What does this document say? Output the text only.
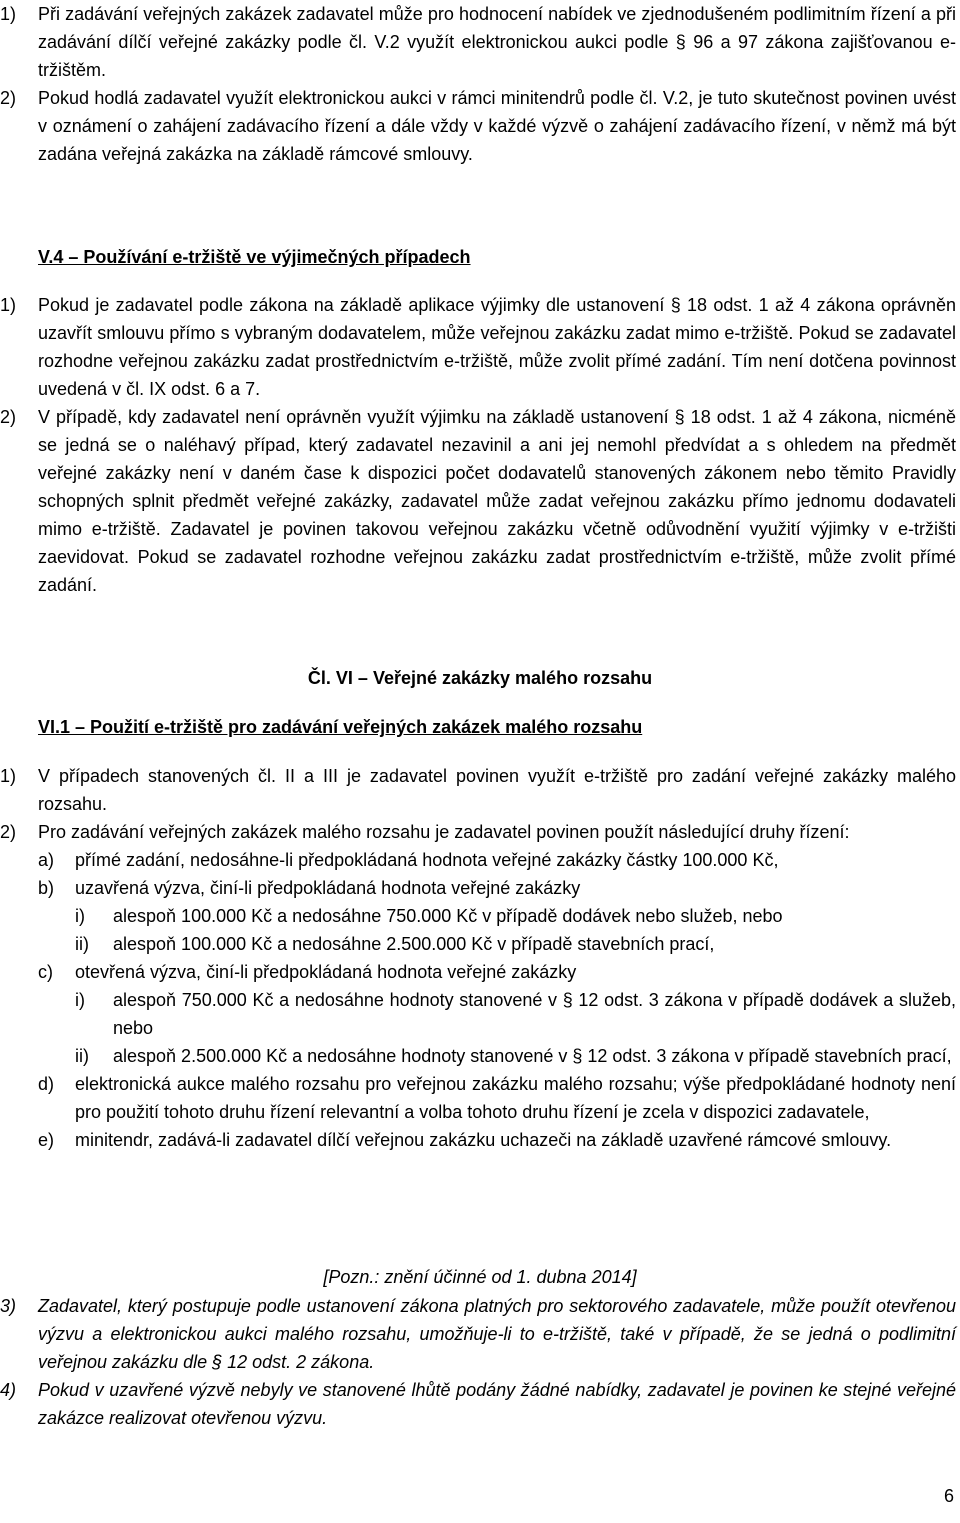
1) Při zadávání veřejných zakázek zadavatel může pro hodnocení nabídek ve zjednodušeném podlimitním řízení a při zadávání dílčí veřejné zakázky podle čl. V.2 využít elektronickou aukci podle § 96 a 97 zákona zajišťovanou e-tržištěm.
2) Pokud hodlá zadavatel využít elektronickou aukci v rámci minitendrů podle čl. V.2, je tuto skutečnost povinen uvést v oznámení o zahájení zadávacího řízení a dále vždy v každé výzvě o zahájení zadávacího řízení, v němž má být zadána veřejná zakázka na základě rámcové smlouvy.
V.4 – Používání e-tržiště ve výjimečných případech
1) Pokud je zadavatel podle zákona na základě aplikace výjimky dle ustanovení § 18 odst. 1 až 4 zákona oprávněn uzavřít smlouvu přímo s vybraným dodavatelem, může veřejnou zakázku zadat mimo e-tržiště. Pokud se zadavatel rozhodne veřejnou zakázku zadat prostřednictvím e-tržiště, může zvolit přímé zadání. Tím není dotčena povinnost uvedená v čl. IX odst. 6 a 7.
2) V případě, kdy zadavatel není oprávněn využít výjimku na základě ustanovení § 18 odst. 1 až 4 zákona, nicméně se jedná se o naléhavý případ, který zadavatel nezavinil a ani jej nemohl předvídat a s ohledem na předmět veřejné zakázky není v daném čase k dispozici počet dodavatelů stanovených zákonem nebo těmito Pravidly schopných splnit předmět veřejné zakázky, zadavatel může zadat veřejnou zakázku přímo jednomu dodavateli mimo e-tržiště. Zadavatel je povinen takovou veřejnou zakázku včetně odůvodnění využití výjimky v e-tržišti zaevidovat. Pokud se zadavatel rozhodne veřejnou zakázku zadat prostřednictvím e-tržiště, může zvolit přímé zadání.
Čl. VI – Veřejné zakázky malého rozsahu
VI.1 – Použití e-tržiště pro zadávání veřejných zakázek malého rozsahu
1) V případech stanovených čl. II a III je zadavatel povinen využít e-tržiště pro zadání veřejné zakázky malého rozsahu.
2) Pro zadávání veřejných zakázek malého rozsahu je zadavatel povinen použít následující druhy řízení:
a) přímé zadání, nedosáhne-li předpokládaná hodnota veřejné zakázky částky 100.000 Kč,
b) uzavřená výzva, činí-li předpokládaná hodnota veřejné zakázky
i) alespoň 100.000 Kč a nedosáhne 750.000 Kč v případě dodávek nebo služeb, nebo
ii) alespoň 100.000 Kč a nedosáhne 2.500.000 Kč v případě stavebních prací,
c) otevřená výzva, činí-li předpokládaná hodnota veřejné zakázky
i) alespoň 750.000 Kč a nedosáhne hodnoty stanovené v § 12 odst. 3 zákona v případě dodávek a služeb, nebo
ii) alespoň 2.500.000 Kč a nedosáhne hodnoty stanovené v § 12 odst. 3 zákona v případě stavebních prací,
d) elektronická aukce malého rozsahu pro veřejnou zakázku malého rozsahu; výše předpokládané hodnoty není pro použití tohoto druhu řízení relevantní a volba tohoto druhu řízení je zcela v dispozici zadavatele,
e) minitendr, zadává-li zadavatel dílčí veřejnou zakázku uchazeči na základě uzavřené rámcové smlouvy.
[Pozn.: znění účinné od 1. dubna 2014]
3) Zadavatel, který postupuje podle ustanovení zákona platných pro sektorového zadavatele, může použít otevřenou výzvu a elektronickou aukci malého rozsahu, umožňuje-li to e-tržiště, také v případě, že se jedná o podlimitní veřejnou zakázku dle § 12 odst. 2 zákona.
4) Pokud v uzavřené výzvě nebyly ve stanovené lhůtě podány žádné nabídky, zadavatel je povinen ke stejné veřejné zakázce realizovat otevřenou výzvu.
6
